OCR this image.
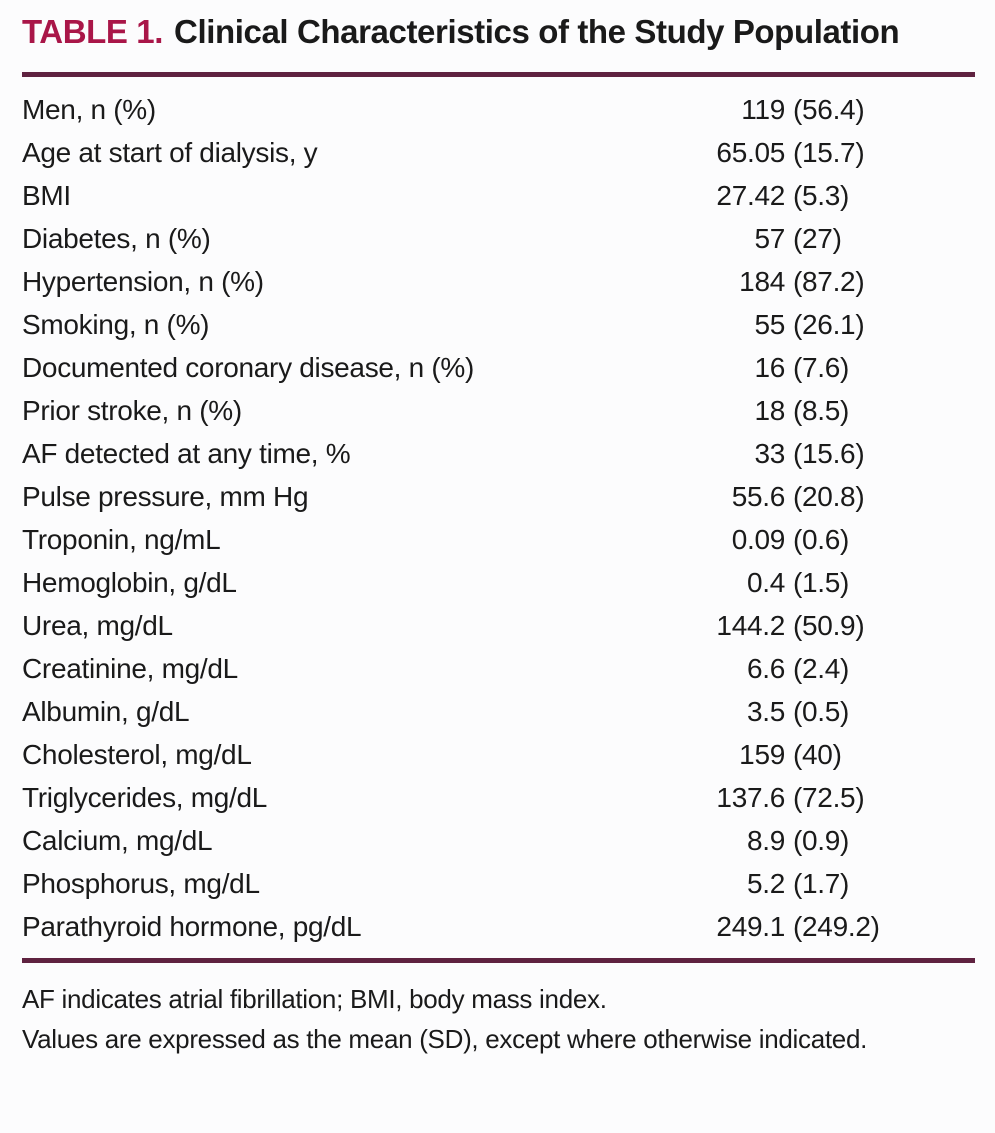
TABLE 1. Clinical Characteristics of the Study Population
Men, n (%)	119 (56.4)
Age at start of dialysis, y	65.05 (15.7)
BMI	27.42 (5.3)
Diabetes, n (%)	57 (27)
Hypertension, n (%)	184 (87.2)
Smoking, n (%)	55 (26.1)
Documented coronary disease, n (%)	16 (7.6)
Prior stroke, n (%)	18 (8.5)
AF detected at any time, %	33 (15.6)
Pulse pressure, mm Hg	55.6 (20.8)
Troponin, ng/mL	0.09 (0.6)
Hemoglobin, g/dL	0.4 (1.5)
Urea, mg/dL	144.2 (50.9)
Creatinine, mg/dL	6.6 (2.4)
Albumin, g/dL	3.5 (0.5)
Cholesterol, mg/dL	159 (40)
Triglycerides, mg/dL	137.6 (72.5)
Calcium, mg/dL	8.9 (0.9)
Phosphorus, mg/dL	5.2 (1.7)
Parathyroid hormone, pg/dL	249.1 (249.2)
AF indicates atrial fibrillation; BMI, body mass index.
Values are expressed as the mean (SD), except where otherwise indicated.
